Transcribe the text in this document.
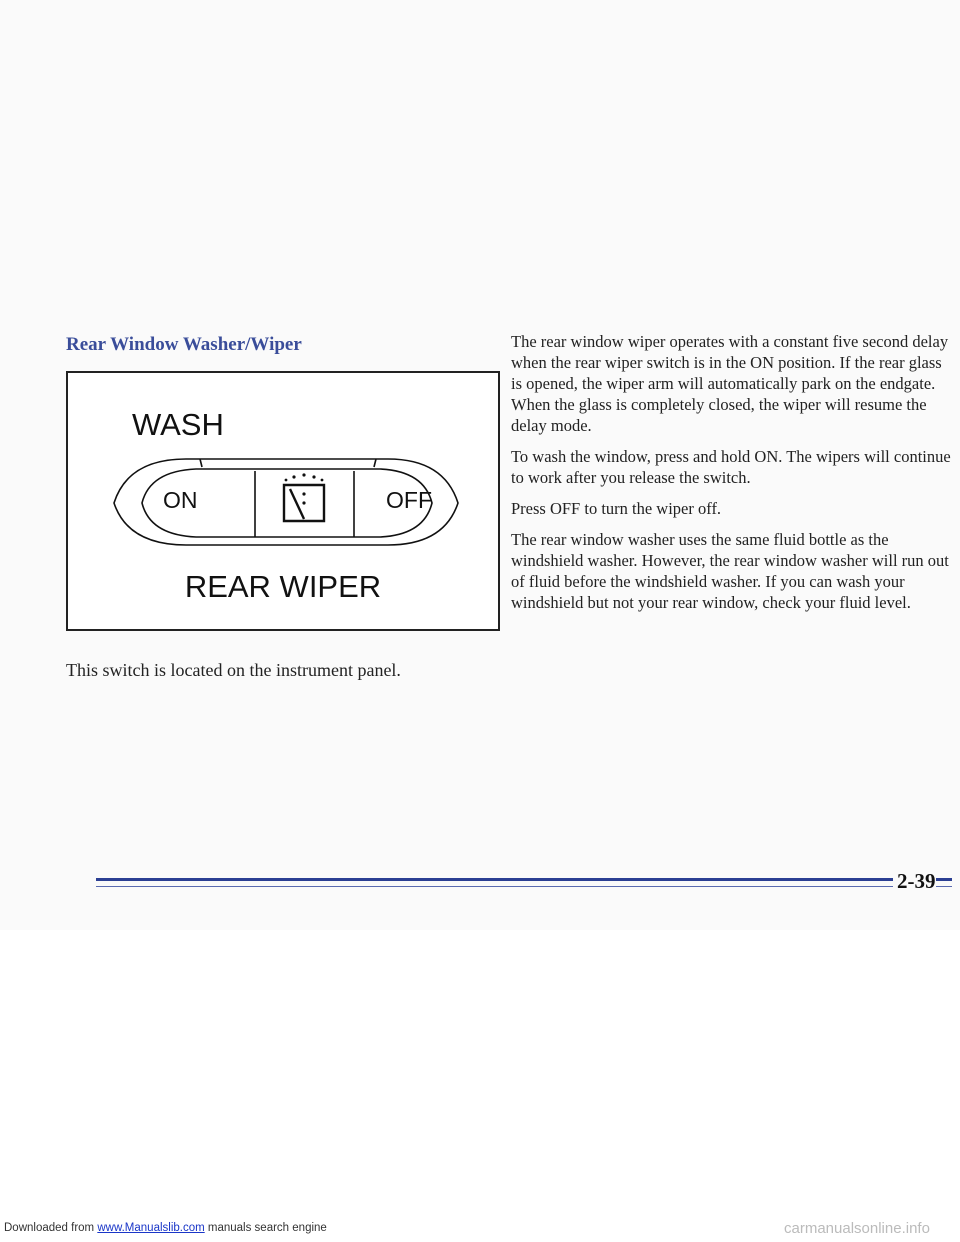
Rear Window Washer/Wiper
WASH
ON	OFF
REAR WIPER

This switch is located on the instrument panel.

The rear window wiper operates with a constant five second delay when the rear wiper switch is in the ON position. If the rear glass is opened, the wiper arm will automatically park on the endgate. When the glass is completely closed, the wiper will resume the delay mode.

To wash the window, press and hold ON. The wipers will continue to work after you release the switch.

Press OFF to turn the wiper off.

The rear window washer uses the same fluid bottle as the windshield washer. However, the rear window washer will run out of fluid before the windshield washer. If you can wash your windshield but not your rear window, check your fluid level.

2-39
Downloaded from www.Manualslib.com manuals search engine	carmanualsonline.info
